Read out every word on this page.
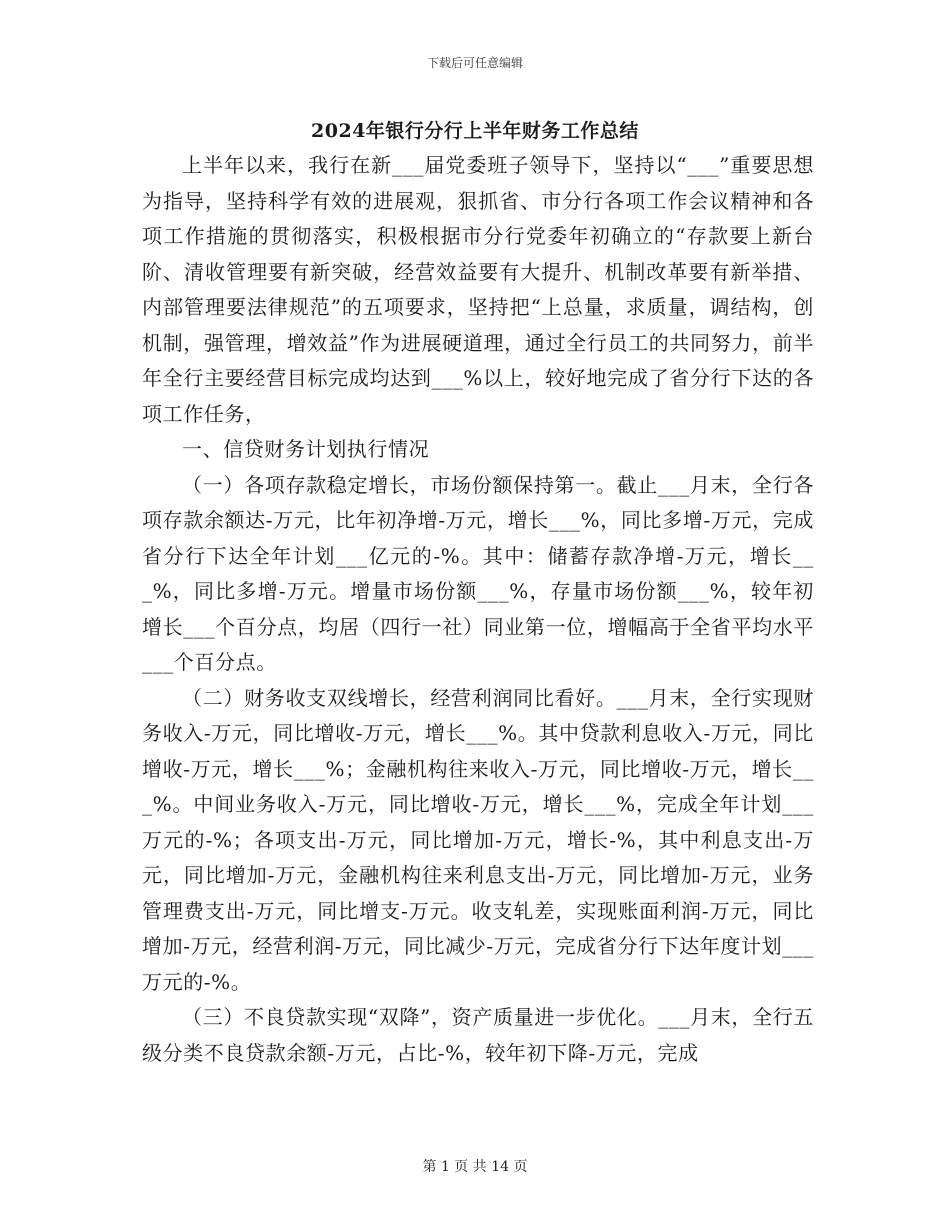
下载后可任意编辑
2024年银行分行上半年财务工作总结

上半年以来，我行在新___届党委班子领导下，坚持以“___”重要思想为指导，坚持科学有效的进展观，狠抓省、市分行各项工作会议精神和各项工作措施的贯彻落实，积极根据市分行党委年初确立的“存款要上新台阶、清收管理要有新突破，经营效益要有大提升、机制改革要有新举措、内部管理要法律规范”的五项要求，坚持把“上总量，求质量，调结构，创机制，强管理，增效益”作为进展硬道理，通过全行员工的共同努力，前半年全行主要经营目标完成均达到___%以上，较好地完成了省分行下达的各项工作任务，

一、信贷财务计划执行情况

（一）各项存款稳定增长，市场份额保持第一。截止___月末，全行各项存款余额达-万元，比年初净增-万元，增长___%，同比多增-万元，完成省分行下达全年计划___亿元的-%。其中：储蓄存款净增-万元，增长___%，同比多增-万元。增量市场份额___%，存量市场份额___%，较年初增长___个百分点，均居（四行一社）同业第一位，增幅高于全省平均水平___个百分点。

（二）财务收支双线增长，经营利润同比看好。___月末，全行实现财务收入-万元，同比增收-万元，增长___%。其中贷款利息收入-万元，同比增收-万元，增长___%；金融机构往来收入-万元，同比增收-万元，增长___%。中间业务收入-万元，同比增收-万元，增长___%，完成全年计划___万元的-%；各项支出-万元，同比增加-万元，增长-%，其中利息支出-万元，同比增加-万元，金融机构往来利息支出-万元，同比增加-万元，业务管理费支出-万元，同比增支-万元。收支轧差，实现账面利润-万元，同比增加-万元，经营利润-万元，同比减少-万元，完成省分行下达年度计划___万元的-%。

（三）不良贷款实现“双降”，资产质量进一步优化。___月末，全行五级分类不良贷款余额-万元，占比-%，较年初下降-万元，完成

第 1 页 共 14 页
